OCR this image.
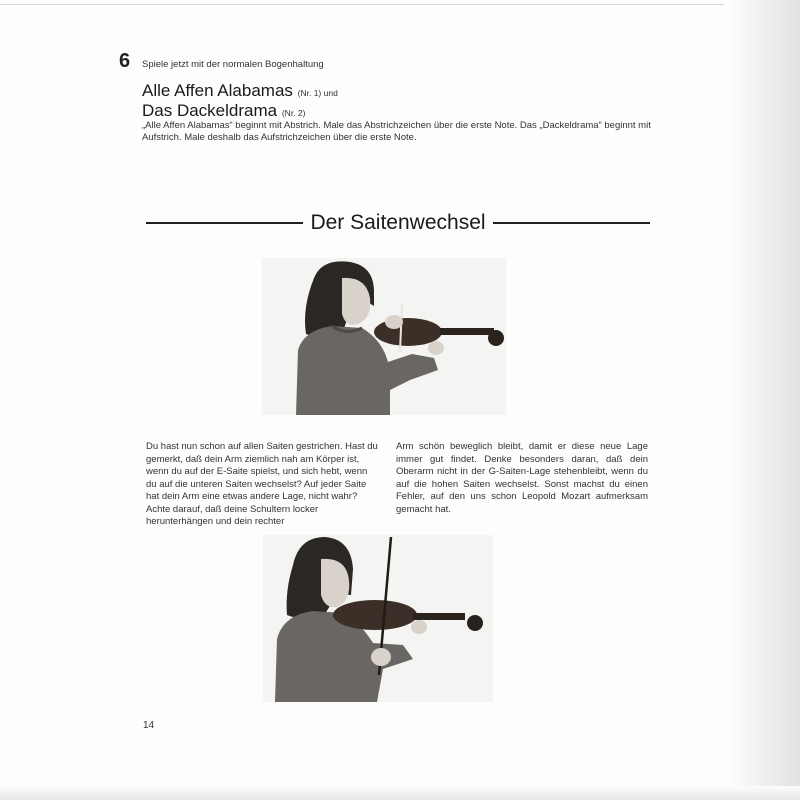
6 Spiele jetzt mit der normalen Bogenhaltung
Alle Affen Alabamas (Nr. 1) und
Das Dackeldrama (Nr. 2)
„Alle Affen Alabamas“ beginnt mit Abstrich. Male das Abstrichzeichen über die erste Note. Das „Dackeldrama“ beginnt mit Aufstrich. Male deshalb das Aufstrichzeichen über die erste Note.
Der Saitenwechsel
Du hast nun schon auf allen Saiten gestrichen. Hast du gemerkt, daß dein Arm ziemlich nah am Körper ist, wenn du auf der E-Saite spielst, und sich hebt, wenn du auf die unteren Saiten wechselst? Auf jeder Saite hat dein Arm eine etwas andere Lage, nicht wahr? Achte darauf, daß deine Schultern locker herunterhängen und dein rechter
Arm schön beweglich bleibt, damit er diese neue Lage immer gut findet. Denke besonders daran, daß dein Oberarm nicht in der G-Saiten-Lage stehenbleibt, wenn du auf die hohen Saiten wechselst. Sonst machst du einen Fehler, auf den uns schon Leopold Mozart aufmerksam gemacht hat.
14
